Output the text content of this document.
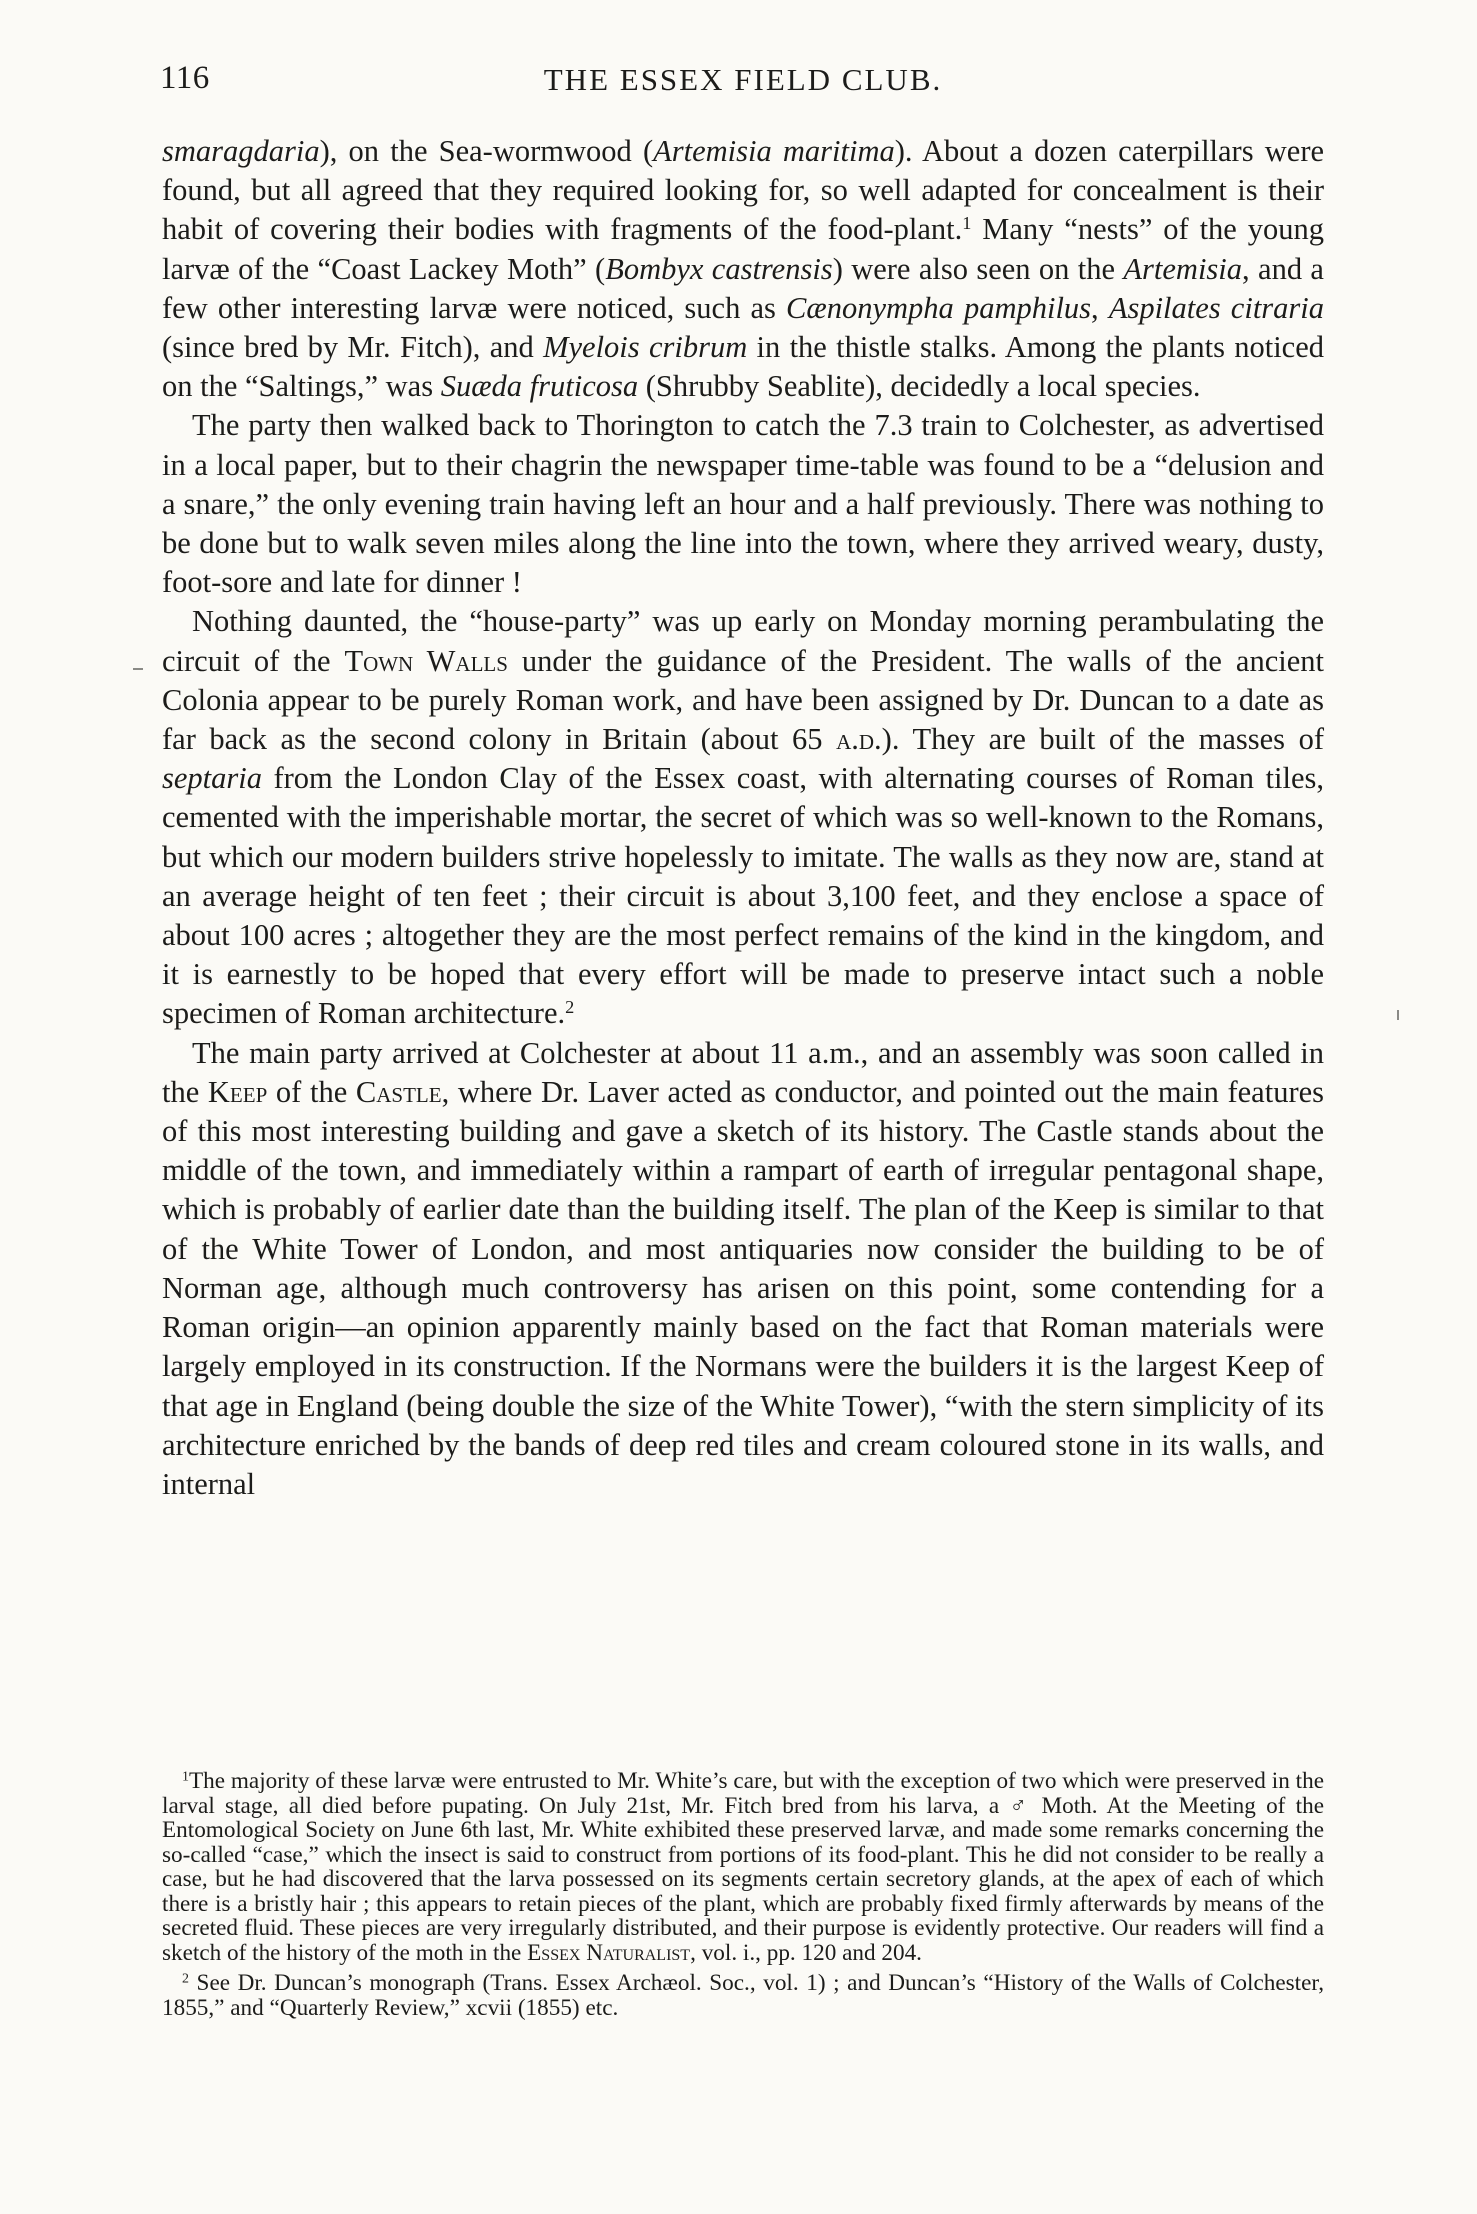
116	THE ESSEX FIELD CLUB.

smaragdaria), on the Sea-wormwood (Artemisia maritima). About a dozen caterpillars were found, but all agreed that they required looking for, so well adapted for concealment is their habit of covering their bodies with fragments of the food-plant.$^1$ Many “nests” of the young larvæ of the “Coast Lackey Moth” (Bombyx castrensis) were also seen on the Artemisia, and a few other interesting larvæ were noticed, such as Cænonympha pamphilus, Aspilates citraria (since bred by Mr. Fitch), and Myelois cribrum in the thistle stalks. Among the plants noticed on the “Saltings,” was Suæda fruticosa (Shrubby Seablite), decidedly a local species.

The party then walked back to Thorington to catch the 7.3 train to Colchester, as advertised in a local paper, but to their chagrin the newspaper time-table was found to be a “delusion and a snare,” the only evening train having left an hour and a half previously. There was nothing to be done but to walk seven miles along the line into the town, where they arrived weary, dusty, foot-sore and late for dinner !

Nothing daunted, the “house-party” was up early on Monday morning perambulating the circuit of the Town Walls under the guidance of the President. The walls of the ancient Colonia appear to be purely Roman work, and have been assigned by Dr. Duncan to a date as far back as the second colony in Britain (about 65 a.d.). They are built of the masses of septaria from the London Clay of the Essex coast, with alternating courses of Roman tiles, cemented with the imperishable mortar, the secret of which was so well-known to the Romans, but which our modern builders strive hopelessly to imitate. The walls as they now are, stand at an average height of ten feet ; their circuit is about 3,100 feet, and they enclose a space of about 100 acres ; altogether they are the most perfect remains of the kind in the kingdom, and it is earnestly to be hoped that every effort will be made to preserve intact such a noble specimen of Roman architecture.$^2$

The main party arrived at Colchester at about 11 a.m., and an assembly was soon called in the Keep of the Castle, where Dr. Laver acted as conductor, and pointed out the main features of this most interesting building and gave a sketch of its history. The Castle stands about the middle of the town, and immediately within a rampart of earth of irregular pentagonal shape, which is probably of earlier date than the building itself. The plan of the Keep is similar to that of the White Tower of London, and most antiquaries now consider the building to be of Norman age, although much controversy has arisen on this point, some contending for a Roman origin—an opinion apparently mainly based on the fact that Roman materials were largely employed in its construction. If the Normans were the builders it is the largest Keep of that age in England (being double the size of the White Tower), “with the stern simplicity of its architecture enriched by the bands of deep red tiles and cream coloured stone in its walls, and internal

$^1$The majority of these larvæ were entrusted to Mr. White’s care, but with the exception of two which were preserved in the larval stage, all died before pupating. On July 21st, Mr. Fitch bred from his larva, a ♂ Moth. At the Meeting of the Entomological Society on June 6th last, Mr. White exhibited these preserved larvæ, and made some remarks concerning the so-called “case,” which the insect is said to construct from portions of its food-plant. This he did not consider to be really a case, but he had discovered that the larva possessed on its segments certain secretory glands, at the apex of each of which there is a bristly hair ; this appears to retain pieces of the plant, which are probably fixed firmly afterwards by means of the secreted fluid. These pieces are very irregularly distributed, and their purpose is evidently protective. Our readers will find a sketch of the history of the moth in the Essex Naturalist, vol. i., pp. 120 and 204.

$^2$ See Dr. Duncan’s monograph (Trans. Essex Archæol. Soc., vol. 1) ; and Duncan’s “History of the Walls of Colchester, 1855,” and “Quarterly Review,” xcvii (1855) etc.
